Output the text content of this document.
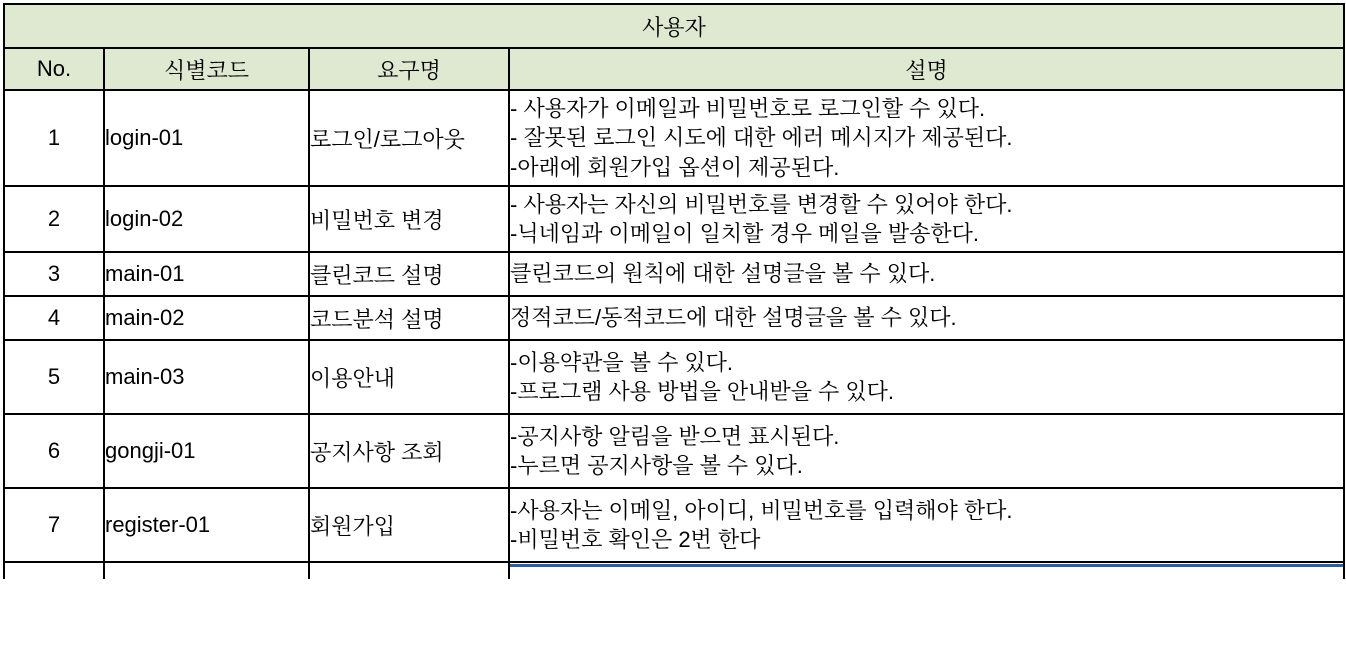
사용자			
No.	식별코드	요구명	설명
1	login-01	로그인/로그아웃	- 사용자가 이메일과 비밀번호로 로그인할 수 있다.
- 잘못된 로그인 시도에 대한 에러 메시지가 제공된다.
-아래에 회원가입 옵션이 제공된다.

2	login-02	비밀번호 변경	- 사용자는 자신의 비밀번호를 변경할 수 있어야 한다.
-닉네임과 이메일이 일치할 경우 메일을 발송한다.

3	main-01	클린코드 설명	클린코드의 원칙에 대한 설명글을 볼 수 있다.

4	main-02	코드분석 설명	정적코드/동적코드에 대한 설명글을 볼 수 있다.

5	main-03	이용안내	-이용약관을 볼 수 있다.
-프로그램 사용 방법을 안내받을 수 있다.

6	gongji-01	공지사항 조회	-공지사항 알림을 받으면 표시된다.
-누르면 공지사항을 볼 수 있다.

7	register-01	회원가입	-사용자는 이메일, 아이디, 비밀번호를 입력해야 한다.
-비밀번호 확인은 2번 한다
